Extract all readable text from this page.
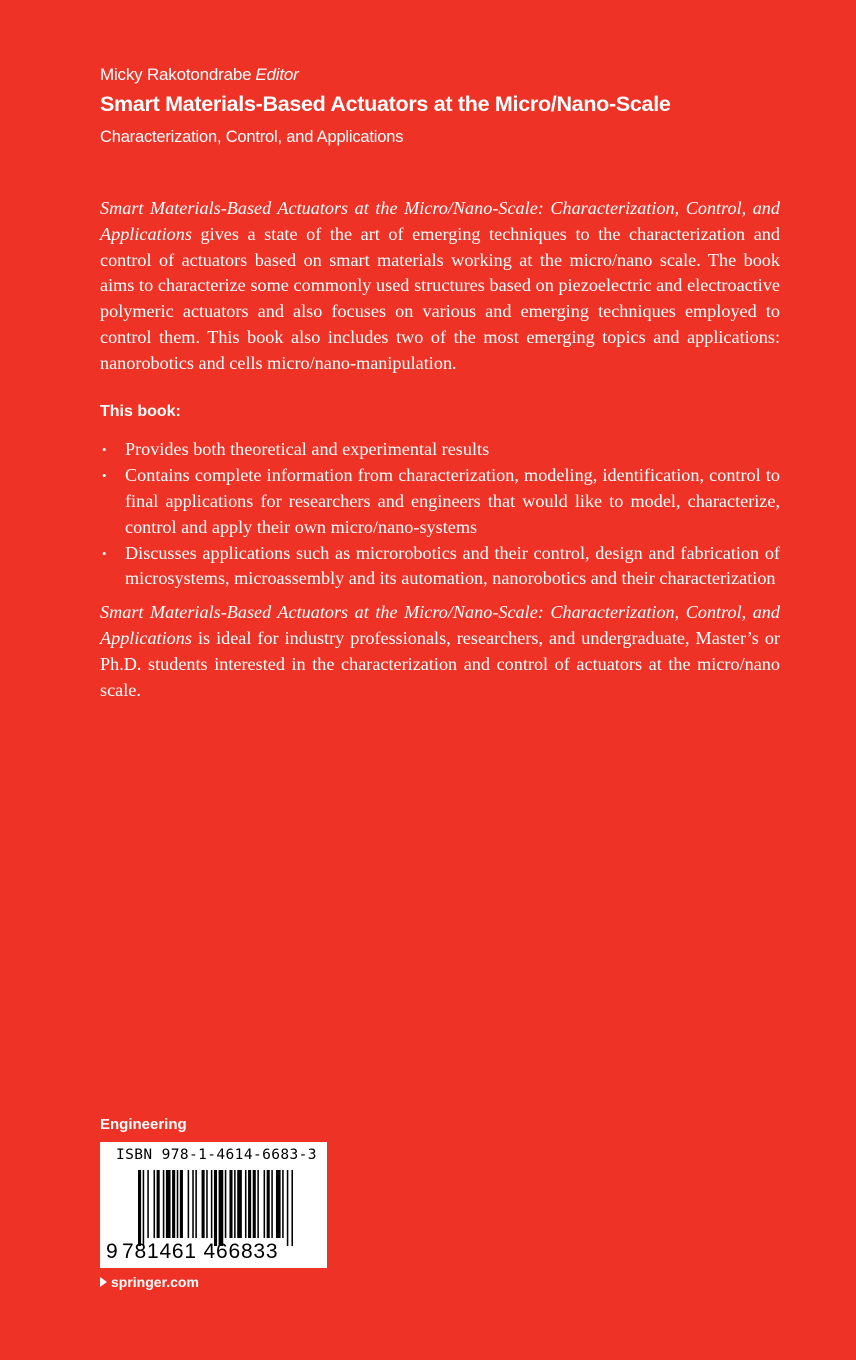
Micky Rakotondrabe Editor
Smart Materials-Based Actuators at the Micro/Nano-Scale
Characterization, Control, and Applications

Smart Materials-Based Actuators at the Micro/Nano-Scale: Characterization, Control, and Applications gives a state of the art of emerging techniques to the characterization and control of actuators based on smart materials working at the micro/nano scale. The book aims to characterize some commonly used structures based on piezoelectric and electroactive polymeric actuators and also focuses on various and emerging techniques employed to control them. This book also includes two of the most emerging topics and applications: nanorobotics and cells micro/nano-manipulation.

This book:
• Provides both theoretical and experimental results
• Contains complete information from characterization, modeling, identification, control to final applications for researchers and engineers that would like to model, characterize, control and apply their own micro/nano-systems
• Discusses applications such as microrobotics and their control, design and fabrication of microsystems, microassembly and its automation, nanorobotics and their characterization

Smart Materials-Based Actuators at the Micro/Nano-Scale: Characterization, Control, and Applications is ideal for industry professionals, researchers, and undergraduate, Master’s or Ph.D. students interested in the characterization and control of actuators at the micro/nano scale.

Engineering
ISBN 978-1-4614-6683-3
9 781461 466833
springer.com
